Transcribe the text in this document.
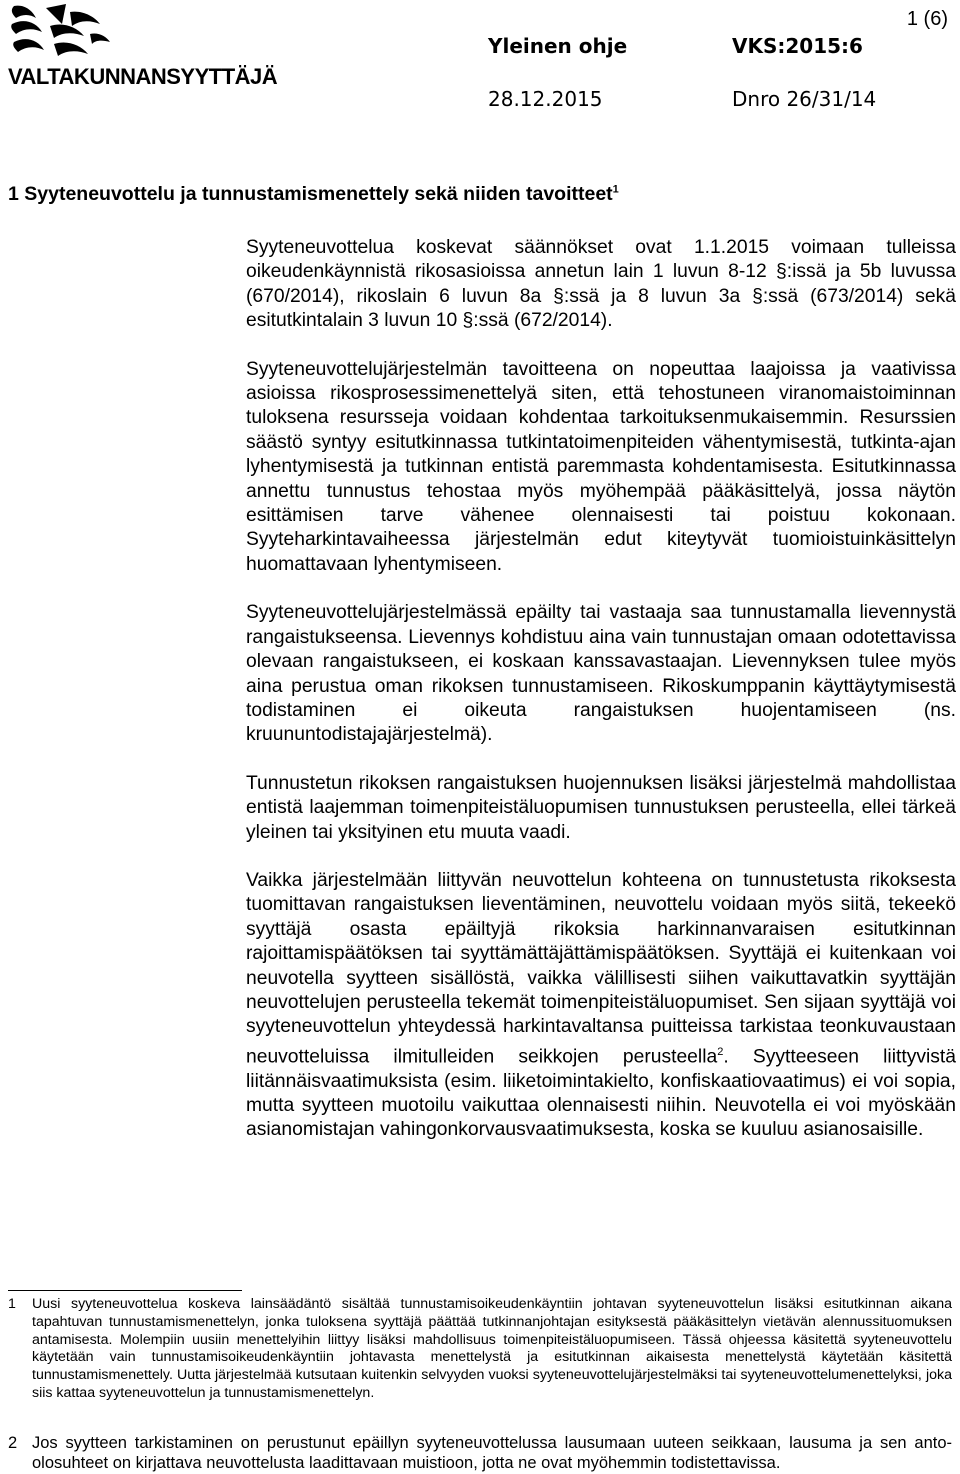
VALTAKUNNANSYYTTÄJÄ
Yleinen ohje	VKS:2015:6
28.12.2015	Dnro 26/31/14
1 (6)
1 Syyteneuvottelu ja tunnustamismenettely sekä niiden tavoitteet$^1$

Syyteneuvottelua koskevat säännökset ovat 1.1.2015 voimaan tulleissa oikeudenkäynnistä rikosasioissa annetun lain 1 luvun 8-12 §:issä ja 5b luvussa (670/2014), rikoslain 6 luvun 8a §:ssä ja 8 luvun 3a §:ssä (673/2014) sekä esitutkintalain 3 luvun 10 §:ssä (672/2014).

Syyteneuvottelujärjestelmän tavoitteena on nopeuttaa laajoissa ja vaativissa asioissa rikosprosessimenettelyä siten, että tehostuneen viranomaistoiminnan tuloksena resursseja voidaan kohdentaa tarkoituksenmukaisemmin. Resurssien säästö syntyy esitutkinnassa tutkintatoimenpiteiden vähentymisestä, tutkinta-ajan lyhentymisestä ja tutkinnan entistä paremmasta kohdentamisesta. Esitutkinnassa annettu tunnustus tehostaa myös myöhempää pääkäsittelyä, jossa näytön esittämisen tarve vähenee olennaisesti tai poistuu kokonaan. Syyteharkintavaiheessa järjestelmän edut kiteytyvät tuomioistuinkäsittelyn huomattavaan lyhentymiseen.

Syyteneuvottelujärjestelmässä epäilty tai vastaaja saa tunnustamalla lievennystä rangaistukseensa. Lievennys kohdistuu aina vain tunnustajan omaan odotettavissa olevaan rangaistukseen, ei koskaan kanssavastaajan. Lievennyksen tulee myös aina perustua oman rikoksen tunnustamiseen. Rikoskumppanin käyttäytymisestä todistaminen ei oikeuta rangaistuksen huojentamiseen (ns. kruununtodistajajärjestelmä).

Tunnustetun rikoksen rangaistuksen huojennuksen lisäksi järjestelmä mahdollistaa entistä laajemman toimenpiteistäluopumisen tunnustuksen perusteella, ellei tärkeä yleinen tai yksityinen etu muuta vaadi.

Vaikka järjestelmään liittyvän neuvottelun kohteena on tunnustetusta rikoksesta tuomittavan rangaistuksen lieventäminen, neuvottelu voidaan myös siitä, tekeekö syyttäjä osasta epäiltyjä rikoksia harkinnanvaraisen esitutkinnan rajoittamispäätöksen tai syyttämättäjättämispäätöksen. Syyttäjä ei kuitenkaan voi neuvotella syytteen sisällöstä, vaikka välillisesti siihen vaikuttavatkin syyttäjän neuvottelujen perusteella tekemät toimenpiteistäluopumiset. Sen sijaan syyttäjä voi syyteneuvottelun yhteydessä harkintavaltansa puitteissa tarkistaa teonkuvaustaan neuvotteluissa ilmitulleiden seikkojen perusteella$^2$. Syytteeseen liittyvistä liitännäisvaatimuksista (esim. liiketoimintakielto, konfiskaatiovaatimus) ei voi sopia, mutta syytteen muotoilu vaikuttaa olennaisesti niihin. Neuvotella ei voi myöskään asianomistajan vahingonkorvausvaatimuksesta, koska se kuuluu asianosaisille.

1 Uusi syyteneuvottelua koskeva lainsäädäntö sisältää tunnustamisoikeudenkäyntiin johtavan syyteneuvottelun lisäksi esitutkinnan aikana tapahtuvan tunnustamismenettelyn, jonka tuloksena syyttäjä päättää tutkinnanjohtajan esityksestä pääkäsittelyn vietävän alennussituomuksen antamisesta. Molempiin uusiin menettelyihin liittyy lisäksi mahdollisuus toimenpiteistäluopumiseen. Tässä ohjeessa käsitettä syyteneuvottelu käytetään vain tunnustamisoikeudenkäyntiin johtavasta menettelystä ja esitutkinnan aikaisesta menettelystä käytetään käsitettä tunnustamismenettely. Uutta järjestelmää kutsutaan kuitenkin selvyyden vuoksi syyteneuvottelujärjestelmäksi tai syyteneuvottelumenettelyksi, joka siis kattaa syyteneuvottelun ja tunnustamismenettelyn.
2 Jos syytteen tarkistaminen on perustunut epäillyn syyteneuvottelussa lausumaan uuteen seikkaan, lausuma ja sen anto-olosuhteet on kirjattava neuvottelusta laadittavaan muistioon, jotta ne ovat myöhemmin todistettavissa.
